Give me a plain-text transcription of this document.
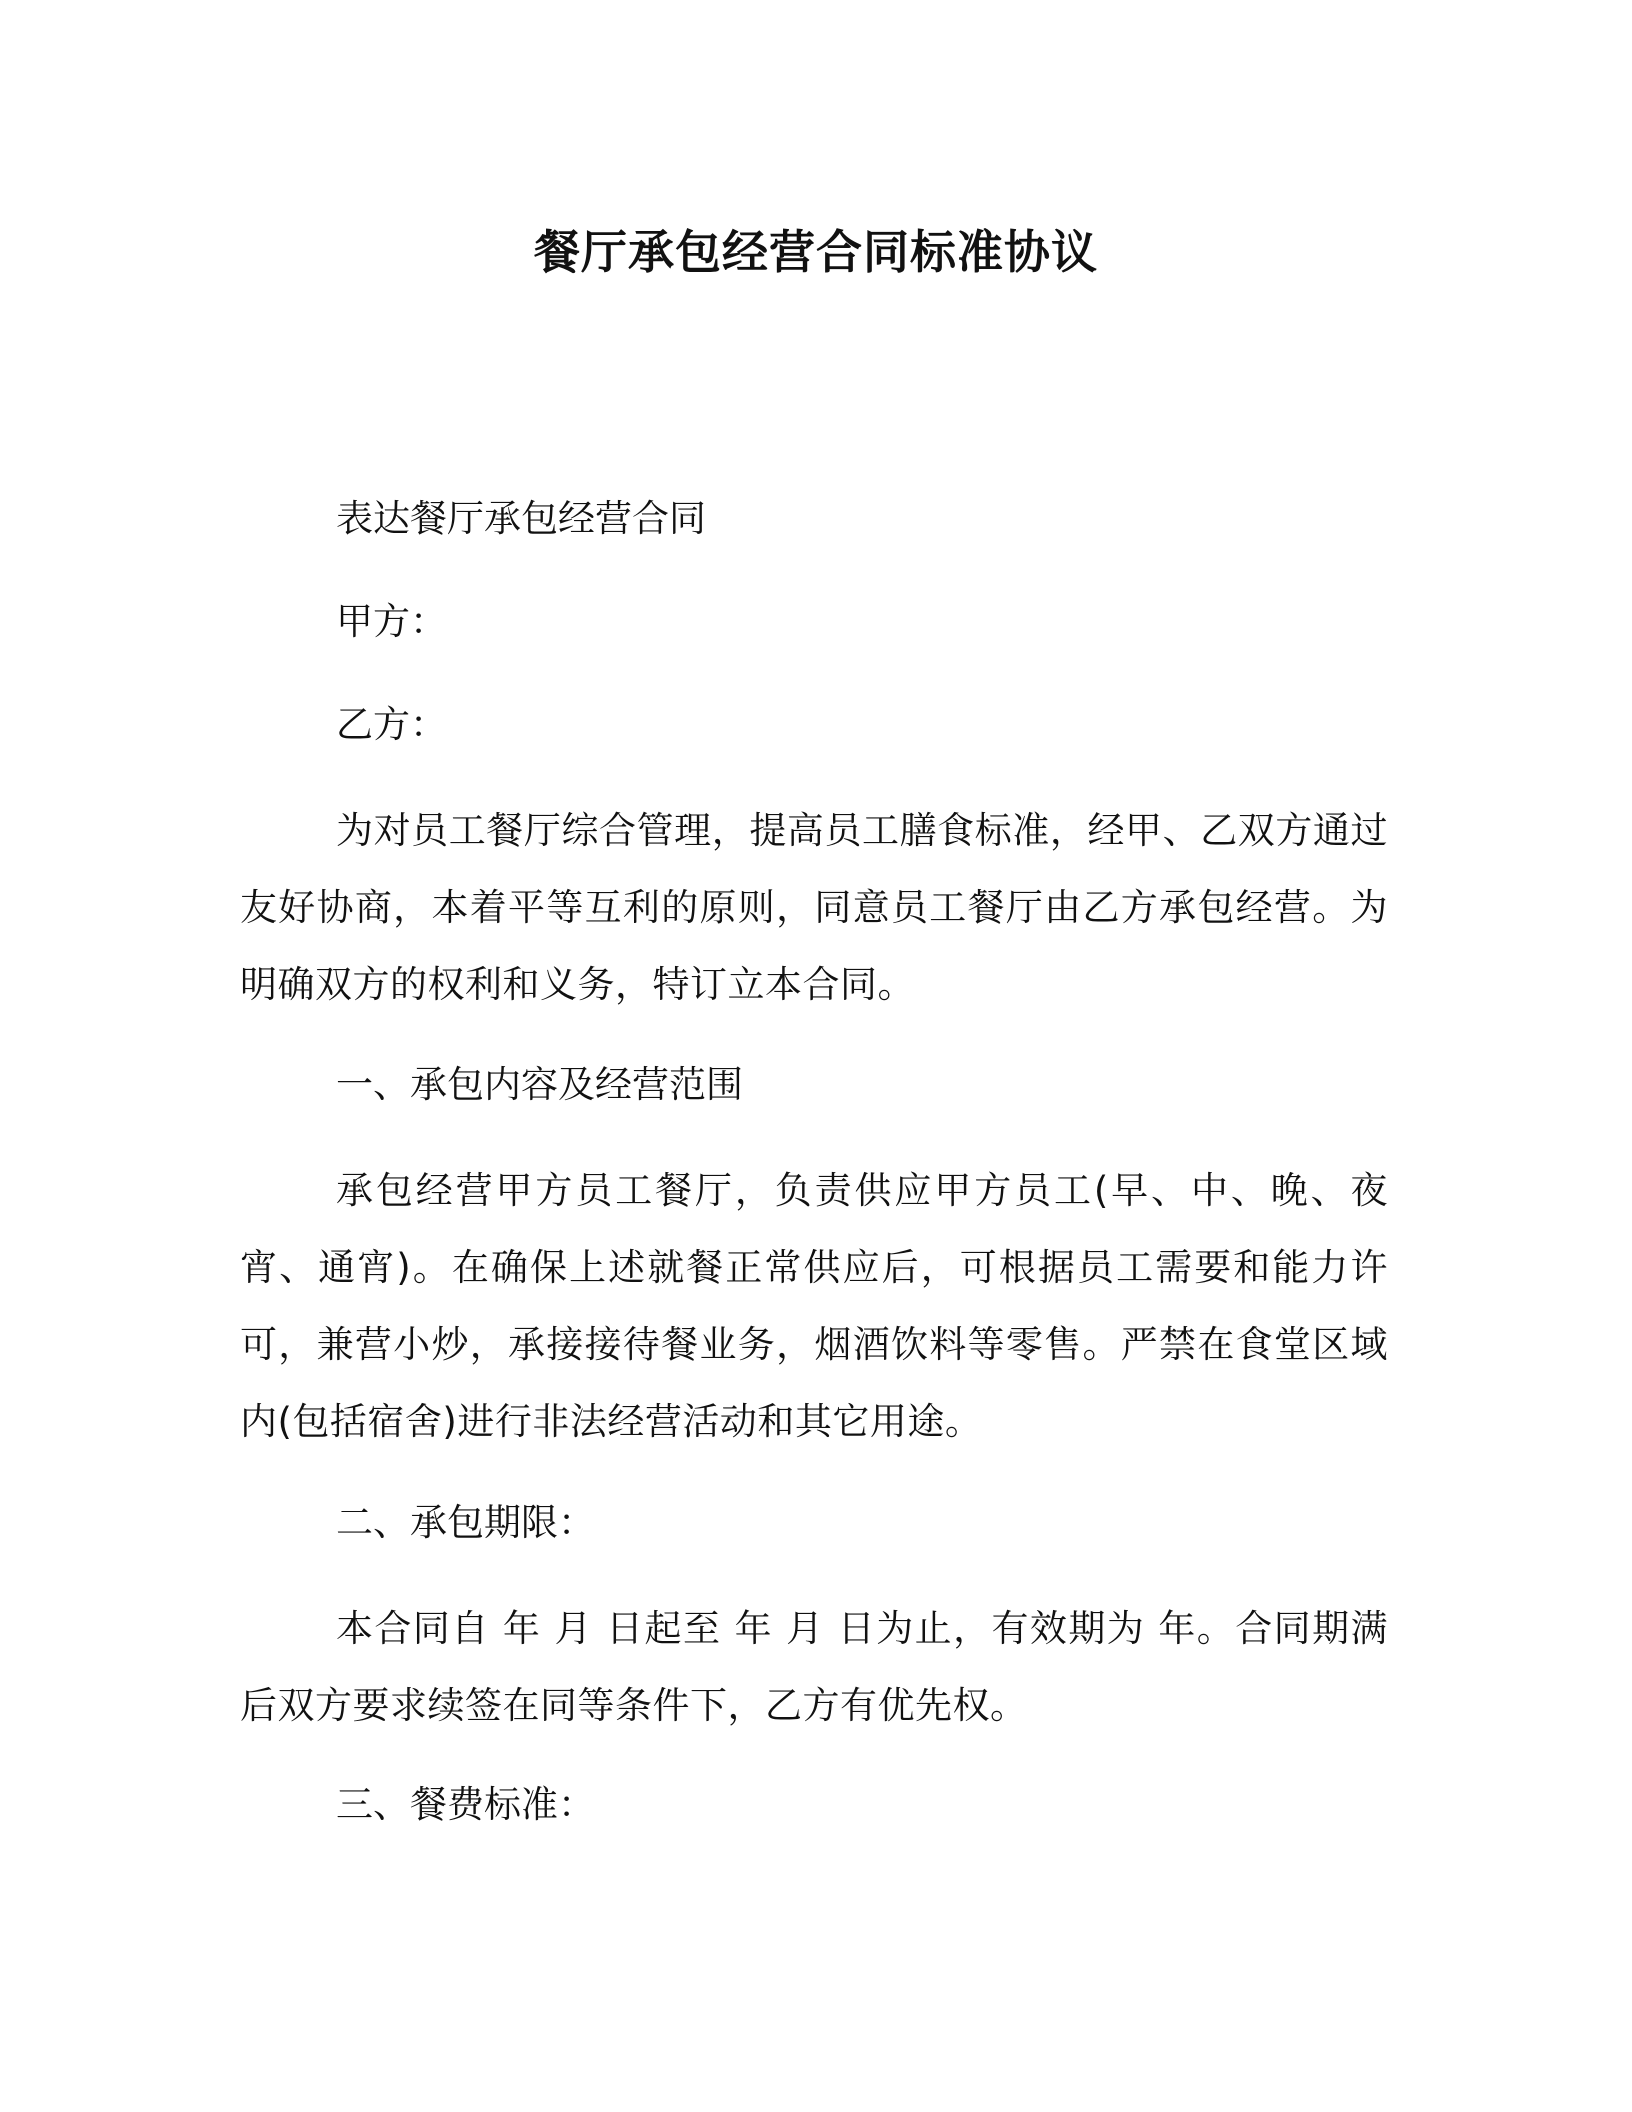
餐厅承包经营合同标准协议
表达餐厅承包经营合同
甲方：
乙方：

为对员工餐厅综合管理，提高员工膳食标准，经甲、乙双方通过友好协商，本着平等互利的原则，同意员工餐厅由乙方承包经营。为明确双方的权利和义务，特订立本合同。

一、承包内容及经营范围

承包经营甲方员工餐厅，负责供应甲方员工(早、中、晚、夜宵、通宵)。在确保上述就餐正常供应后，可根据员工需要和能力许可，兼营小炒，承接接待餐业务，烟酒饮料等零售。严禁在食堂区域内(包括宿舍)进行非法经营活动和其它用途。

二、承包期限：

本合同自 年 月 日起至 年 月 日为止，有效期为 年。合同期满后双方要求续签在同等条件下，乙方有优先权。

三、餐费标准：
